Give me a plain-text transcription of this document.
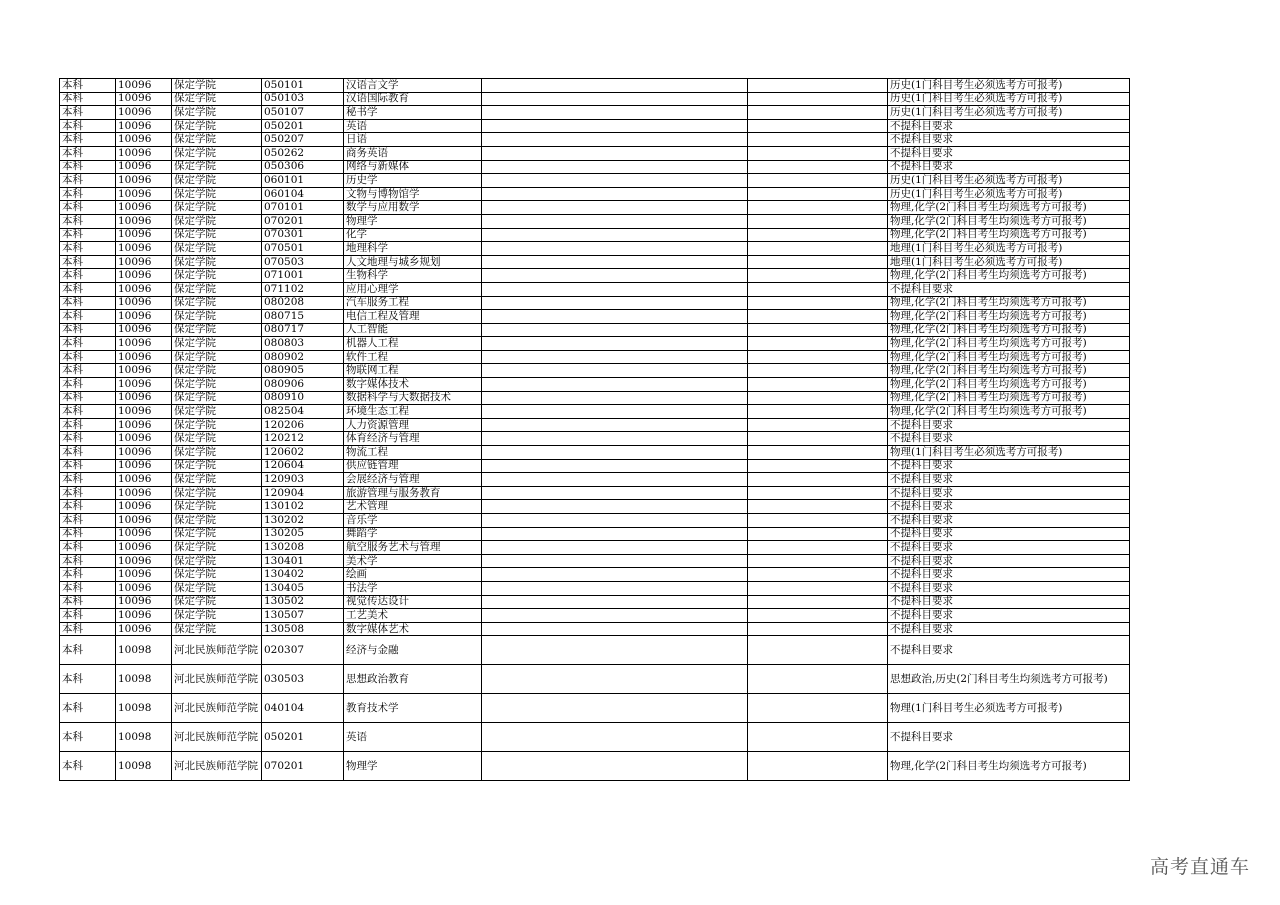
本科	10096	保定学院	050101	汉语言文学			历史(1门科目考生必须选考方可报考)
本科	10096	保定学院	050103	汉语国际教育			历史(1门科目考生必须选考方可报考)
本科	10096	保定学院	050107	秘书学			历史(1门科目考生必须选考方可报考)
本科	10096	保定学院	050201	英语			不提科目要求
本科	10096	保定学院	050207	日语			不提科目要求
本科	10096	保定学院	050262	商务英语			不提科目要求
本科	10096	保定学院	050306	网络与新媒体			不提科目要求
本科	10096	保定学院	060101	历史学			历史(1门科目考生必须选考方可报考)
本科	10096	保定学院	060104	文物与博物馆学			历史(1门科目考生必须选考方可报考)
本科	10096	保定学院	070101	数学与应用数学			物理,化学(2门科目考生均须选考方可报考)
本科	10096	保定学院	070201	物理学			物理,化学(2门科目考生均须选考方可报考)
本科	10096	保定学院	070301	化学			物理,化学(2门科目考生均须选考方可报考)
本科	10096	保定学院	070501	地理科学			地理(1门科目考生必须选考方可报考)
本科	10096	保定学院	070503	人文地理与城乡规划			地理(1门科目考生必须选考方可报考)
本科	10096	保定学院	071001	生物科学			物理,化学(2门科目考生均须选考方可报考)
本科	10096	保定学院	071102	应用心理学			不提科目要求
本科	10096	保定学院	080208	汽车服务工程			物理,化学(2门科目考生均须选考方可报考)
本科	10096	保定学院	080715	电信工程及管理			物理,化学(2门科目考生均须选考方可报考)
本科	10096	保定学院	080717	人工智能			物理,化学(2门科目考生均须选考方可报考)
本科	10096	保定学院	080803	机器人工程			物理,化学(2门科目考生均须选考方可报考)
本科	10096	保定学院	080902	软件工程			物理,化学(2门科目考生均须选考方可报考)
本科	10096	保定学院	080905	物联网工程			物理,化学(2门科目考生均须选考方可报考)
本科	10096	保定学院	080906	数字媒体技术			物理,化学(2门科目考生均须选考方可报考)
本科	10096	保定学院	080910	数据科学与大数据技术			物理,化学(2门科目考生均须选考方可报考)
本科	10096	保定学院	082504	环境生态工程			物理,化学(2门科目考生均须选考方可报考)
本科	10096	保定学院	120206	人力资源管理			不提科目要求
本科	10096	保定学院	120212	体育经济与管理			不提科目要求
本科	10096	保定学院	120602	物流工程			物理(1门科目考生必须选考方可报考)
本科	10096	保定学院	120604	供应链管理			不提科目要求
本科	10096	保定学院	120903	会展经济与管理			不提科目要求
本科	10096	保定学院	120904	旅游管理与服务教育			不提科目要求
本科	10096	保定学院	130102	艺术管理			不提科目要求
本科	10096	保定学院	130202	音乐学			不提科目要求
本科	10096	保定学院	130205	舞蹈学			不提科目要求
本科	10096	保定学院	130208	航空服务艺术与管理			不提科目要求
本科	10096	保定学院	130401	美术学			不提科目要求
本科	10096	保定学院	130402	绘画			不提科目要求
本科	10096	保定学院	130405	书法学			不提科目要求
本科	10096	保定学院	130502	视觉传达设计			不提科目要求
本科	10096	保定学院	130507	工艺美术			不提科目要求
本科	10096	保定学院	130508	数字媒体艺术			不提科目要求
本科	10098	河北民族师范学院	020307	经济与金融			不提科目要求
本科	10098	河北民族师范学院	030503	思想政治教育			思想政治,历史(2门科目考生均须选考方可报考)
本科	10098	河北民族师范学院	040104	教育技术学			物理(1门科目考生必须选考方可报考)
本科	10098	河北民族师范学院	050201	英语			不提科目要求
本科	10098	河北民族师范学院	070201	物理学			物理,化学(2门科目考生均须选考方可报考)
高考直通车
